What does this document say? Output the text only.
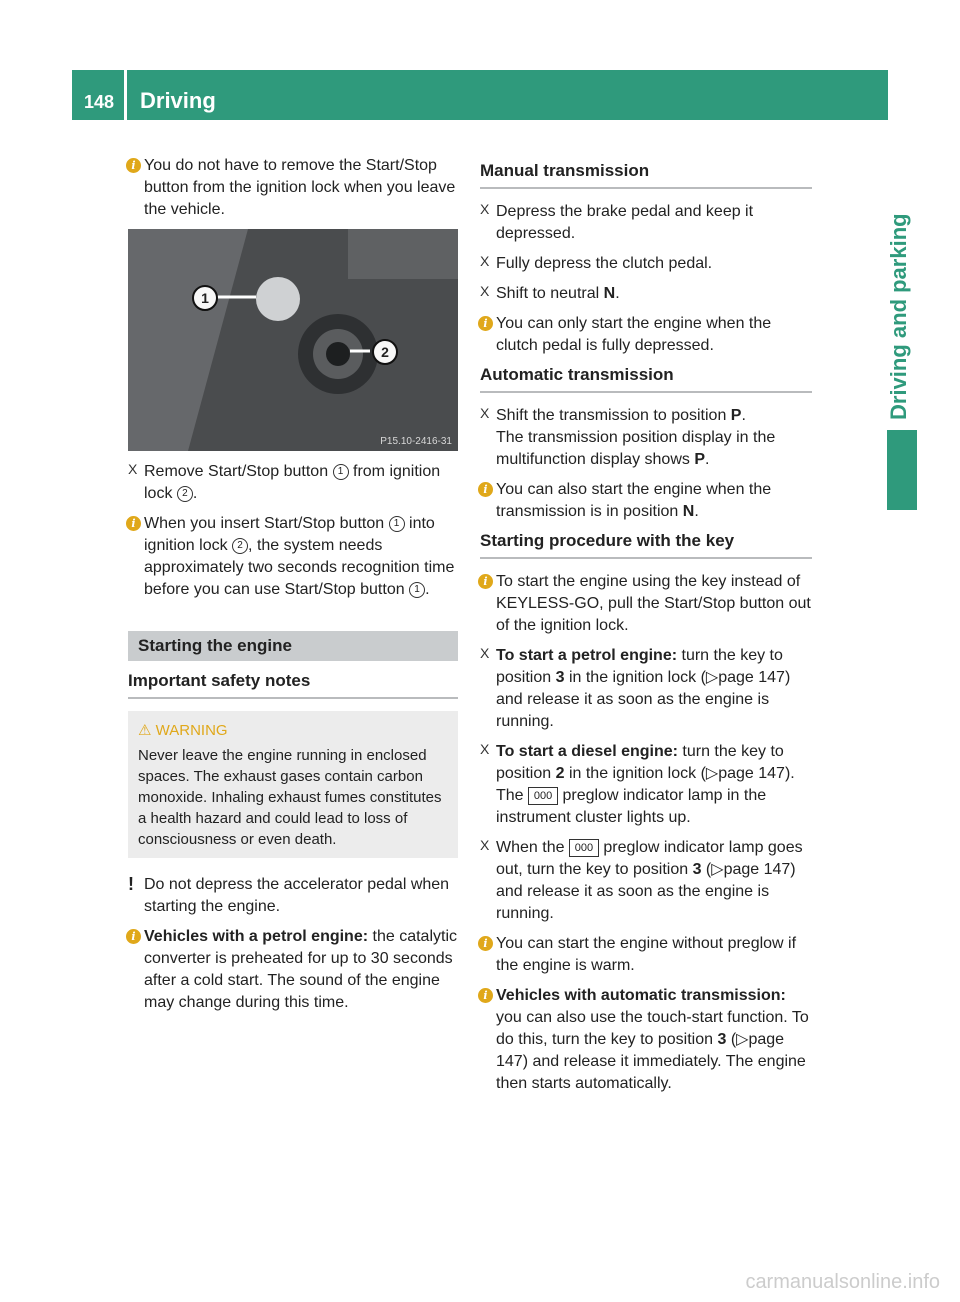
148 Driving
Driving and parking
i You do not have to remove the Start/Stop button from the ignition lock when you leave the vehicle.

1
2
P15.10-2416-31
X Remove Start/Stop button 1 from ignition lock 2 .

i When you insert Start/Stop button 1 into ignition lock 2 , the system needs approximately two seconds recognition time before you can use Start/Stop button 1 .

Starting the engine
Important safety notes
⚠ WARNING
Never leave the engine running in enclosed spaces. The exhaust gases contain carbon monoxide. Inhaling exhaust fumes constitutes a health hazard and could lead to loss of consciousness or even death.
! Do not depress the accelerator pedal when starting the engine.

i Vehicles with a petrol engine: the catalytic converter is preheated for up to 30 seconds after a cold start. The sound of the engine may change during this time.

Manual transmission
X Depress the brake pedal and keep it depressed.

X Fully depress the clutch pedal.

X Shift to neutral N.

i You can only start the engine when the clutch pedal is fully depressed.

Automatic transmission
X Shift the transmission to position P.
The transmission position display in the multifunction display shows P.

i You can also start the engine when the transmission is in position N.

Starting procedure with the key
i To start the engine using the key instead of KEYLESS-GO, pull the Start/Stop button out of the ignition lock.

X To start a petrol engine: turn the key to position 3 in the ignition lock (▷page 147) and release it as soon as the engine is running.

X To start a diesel engine: turn the key to position 2 in the ignition lock (▷page 147).
The 000 preglow indicator lamp in the instrument cluster lights up.

X When the 000 preglow indicator lamp goes out, turn the key to position 3 (▷page 147) and release it as soon as the engine is running.

i You can start the engine without preglow if the engine is warm.

i Vehicles with automatic transmission: you can also use the touch-start function. To do this, turn the key to position 3 (▷page 147) and release it immediately. The engine then starts automatically.

carmanualsonline.info
